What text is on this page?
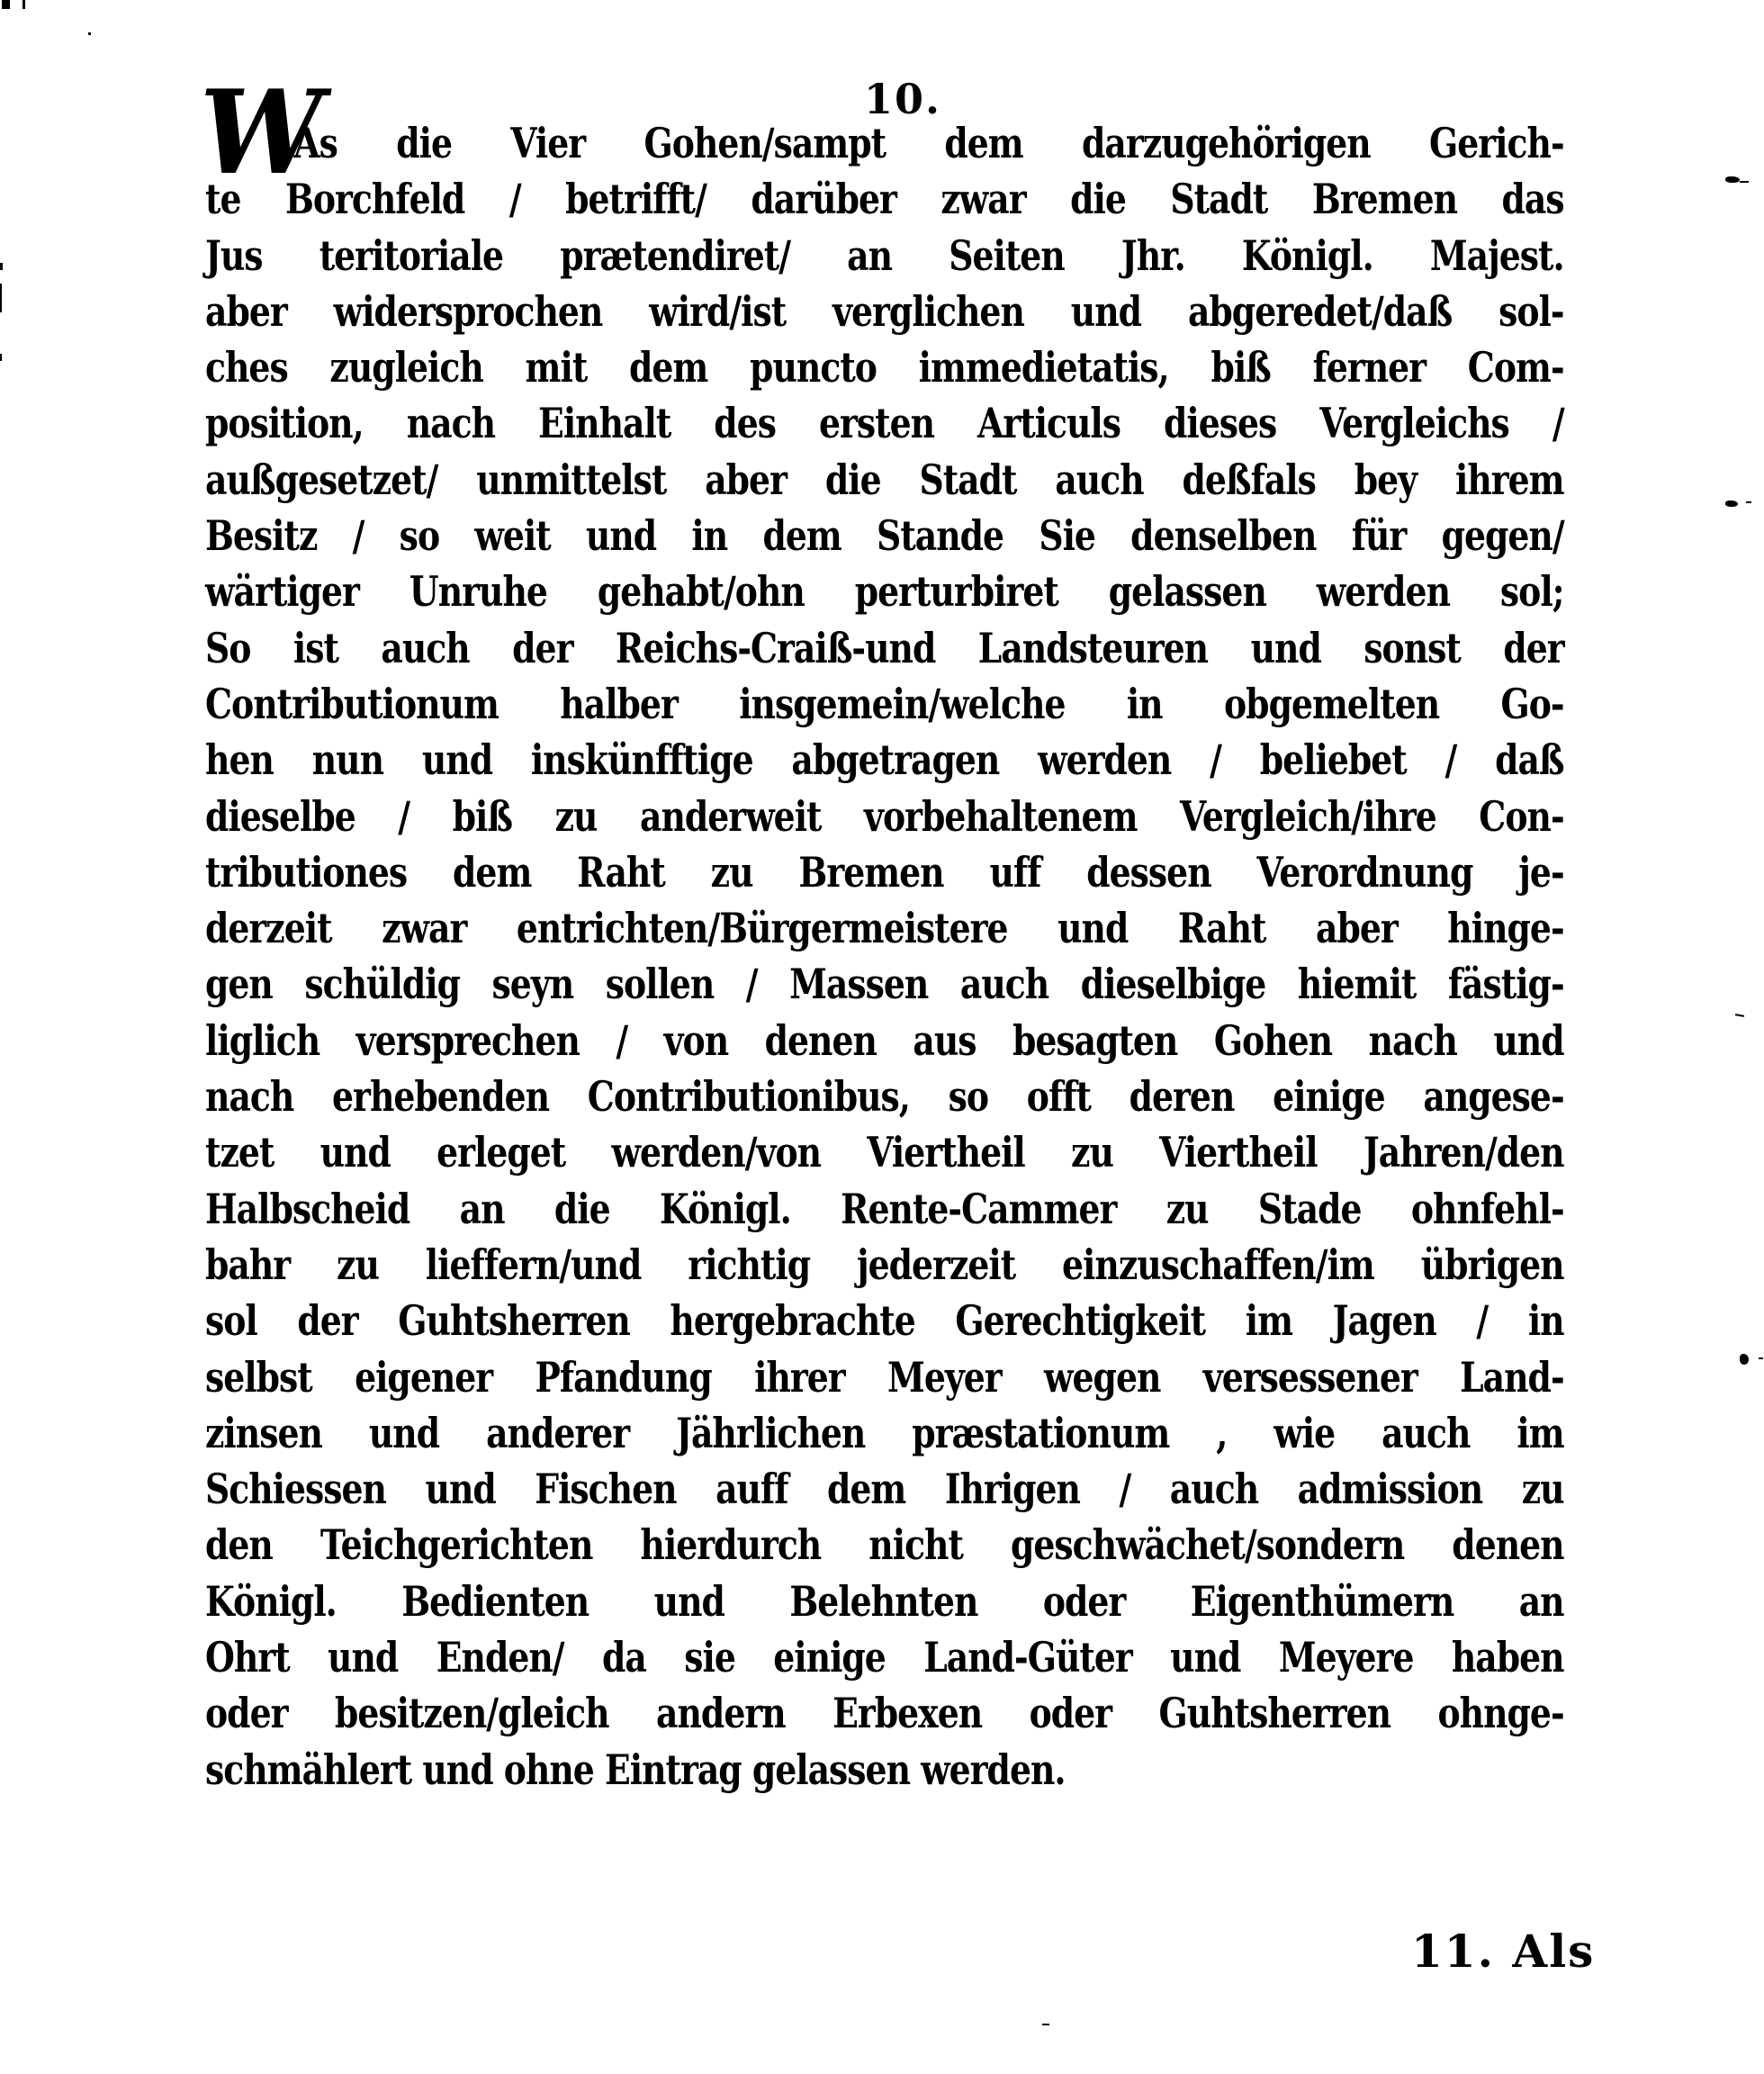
10.
W
As die Vier Gohen/sampt dem darzugehörigen Gerich-
te Borchfeld / betrifft/ darüber zwar die Stadt Bremen das
Jus teritoriale prætendiret/ an Seiten Jhr. Königl. Majest.
aber widersprochen wird/ist verglichen und abgeredet/daß sol-
ches zugleich mit dem puncto immedietatis, biß ferner Com-
position, nach Einhalt des ersten Articuls dieses Vergleichs /
außgesetzet/ unmittelst aber die Stadt auch deßfals bey ihrem
Besitz / so weit und in dem Stande Sie denselben für gegen/
wärtiger Unruhe gehabt/ohn perturbiret gelassen werden sol;
So ist auch der Reichs-Craiß-und Landsteuren und sonst der
Contributionum halber insgemein/welche in obgemelten Go-
hen nun und inskünfftige abgetragen werden / beliebet / daß
dieselbe / biß zu anderweit vorbehaltenem Vergleich/ihre Con-
tributiones dem Raht zu Bremen uff dessen Verordnung je-
derzeit zwar entrichten/Bürgermeistere und Raht aber hinge-
gen schüldig seyn sollen / Massen auch dieselbige hiemit fästig-
liglich versprechen / von denen aus besagten Gohen nach und
nach erhebenden Contributionibus, so offt deren einige angese-
tzet und erleget werden/von Viertheil zu Viertheil Jahren/den
Halbscheid an die Königl. Rente-Cammer zu Stade ohnfehl-
bahr zu lieffern/und richtig jederzeit einzuschaffen/im übrigen
sol der Guhtsherren hergebrachte Gerechtigkeit im Jagen / in
selbst eigener Pfandung ihrer Meyer wegen versessener Land-
zinsen und anderer Jährlichen præstationum , wie auch im
Schiessen und Fischen auff dem Ihrigen / auch admission zu
den Teichgerichten hierdurch nicht geschwächet/sondern denen
Königl. Bedienten und Belehnten oder Eigenthümern an
Ohrt und Enden/ da sie einige Land-Güter und Meyere haben
oder besitzen/gleich andern Erbexen oder Guhtsherren ohnge-
schmählert und ohne Eintrag gelassen werden.
11. Als
